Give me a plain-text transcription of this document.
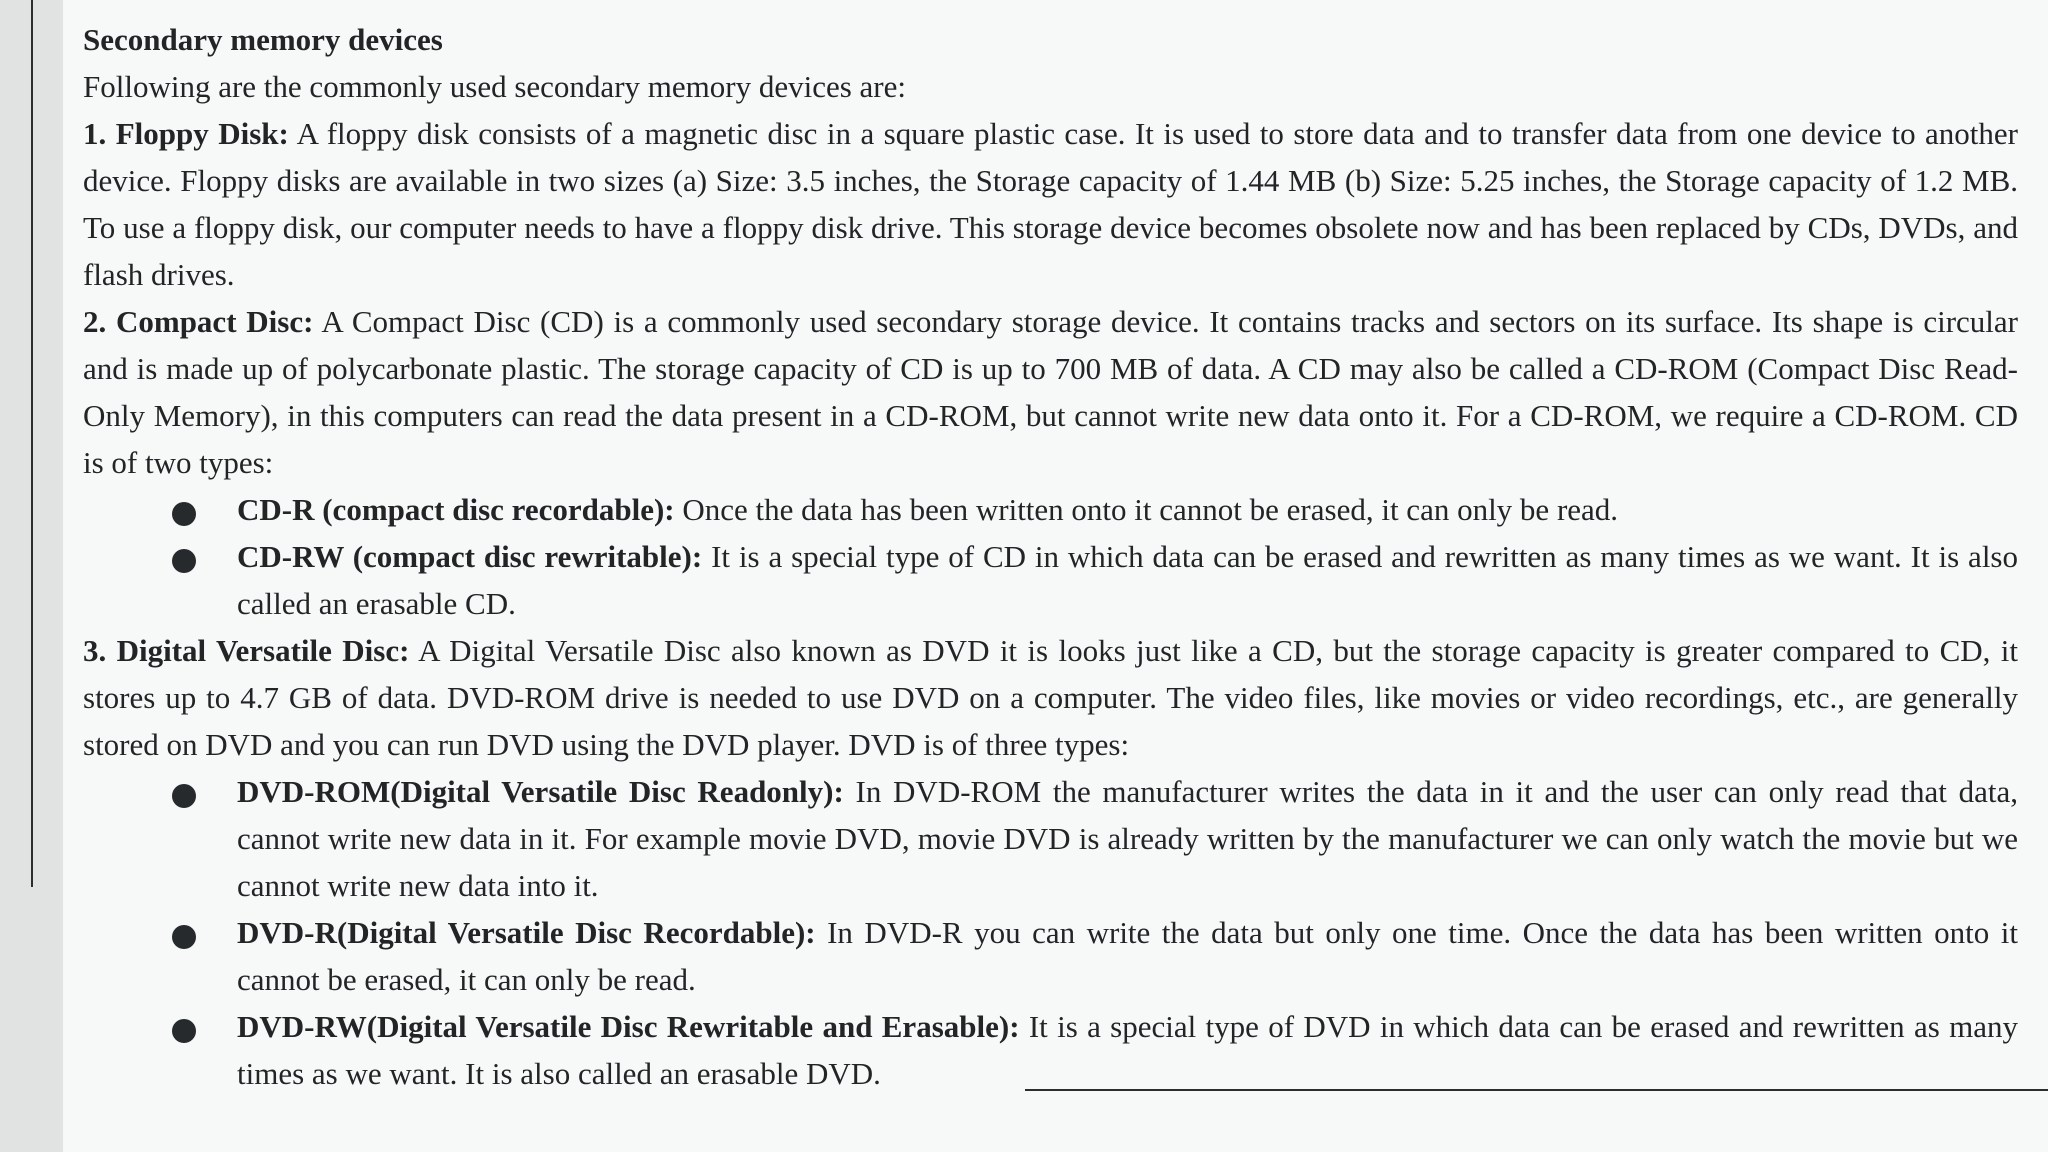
Secondary memory devices

Following are the commonly used secondary memory devices are:

1. Floppy Disk: A floppy disk consists of a magnetic disc in a square plastic case. It is used to store data and to transfer data from one device to another device. Floppy disks are available in two sizes (a) Size: 3.5 inches, the Storage capacity of 1.44 MB (b) Size: 5.25 inches, the Storage capacity of 1.2 MB. To use a floppy disk, our computer needs to have a floppy disk drive. This storage device becomes obsolete now and has been replaced by CDs, DVDs, and flash drives.

2. Compact Disc: A Compact Disc (CD) is a commonly used secondary storage device. It contains tracks and sectors on its surface. Its shape is circular and is made up of polycarbonate plastic. The storage capacity of CD is up to 700 MB of data. A CD may also be called a CD-ROM (Compact Disc Read-Only Memory), in this computers can read the data present in a CD-ROM, but cannot write new data onto it. For a CD-ROM, we require a CD-ROM. CD is of two types:

CD-R (compact disc recordable): Once the data has been written onto it cannot be erased, it can only be read.
CD-RW (compact disc rewritable): It is a special type of CD in which data can be erased and rewritten as many times as we want. It is also called an erasable CD.

3. Digital Versatile Disc: A Digital Versatile Disc also known as DVD it is looks just like a CD, but the storage capacity is greater compared to CD, it stores up to 4.7 GB of data. DVD-ROM drive is needed to use DVD on a computer. The video files, like movies or video recordings, etc., are generally stored on DVD and you can run DVD using the DVD player. DVD is of three types:

DVD-ROM(Digital Versatile Disc Readonly): In DVD-ROM the manufacturer writes the data in it and the user can only read that data, cannot write new data in it. For example movie DVD, movie DVD is already written by the manufacturer we can only watch the movie but we cannot write new data into it.
DVD-R(Digital Versatile Disc Recordable): In DVD-R you can write the data but only one time. Once the data has been written onto it cannot be erased, it can only be read.
DVD-RW(Digital Versatile Disc Rewritable and Erasable): It is a special type of DVD in which data can be erased and rewritten as many times as we want. It is also called an erasable DVD.
